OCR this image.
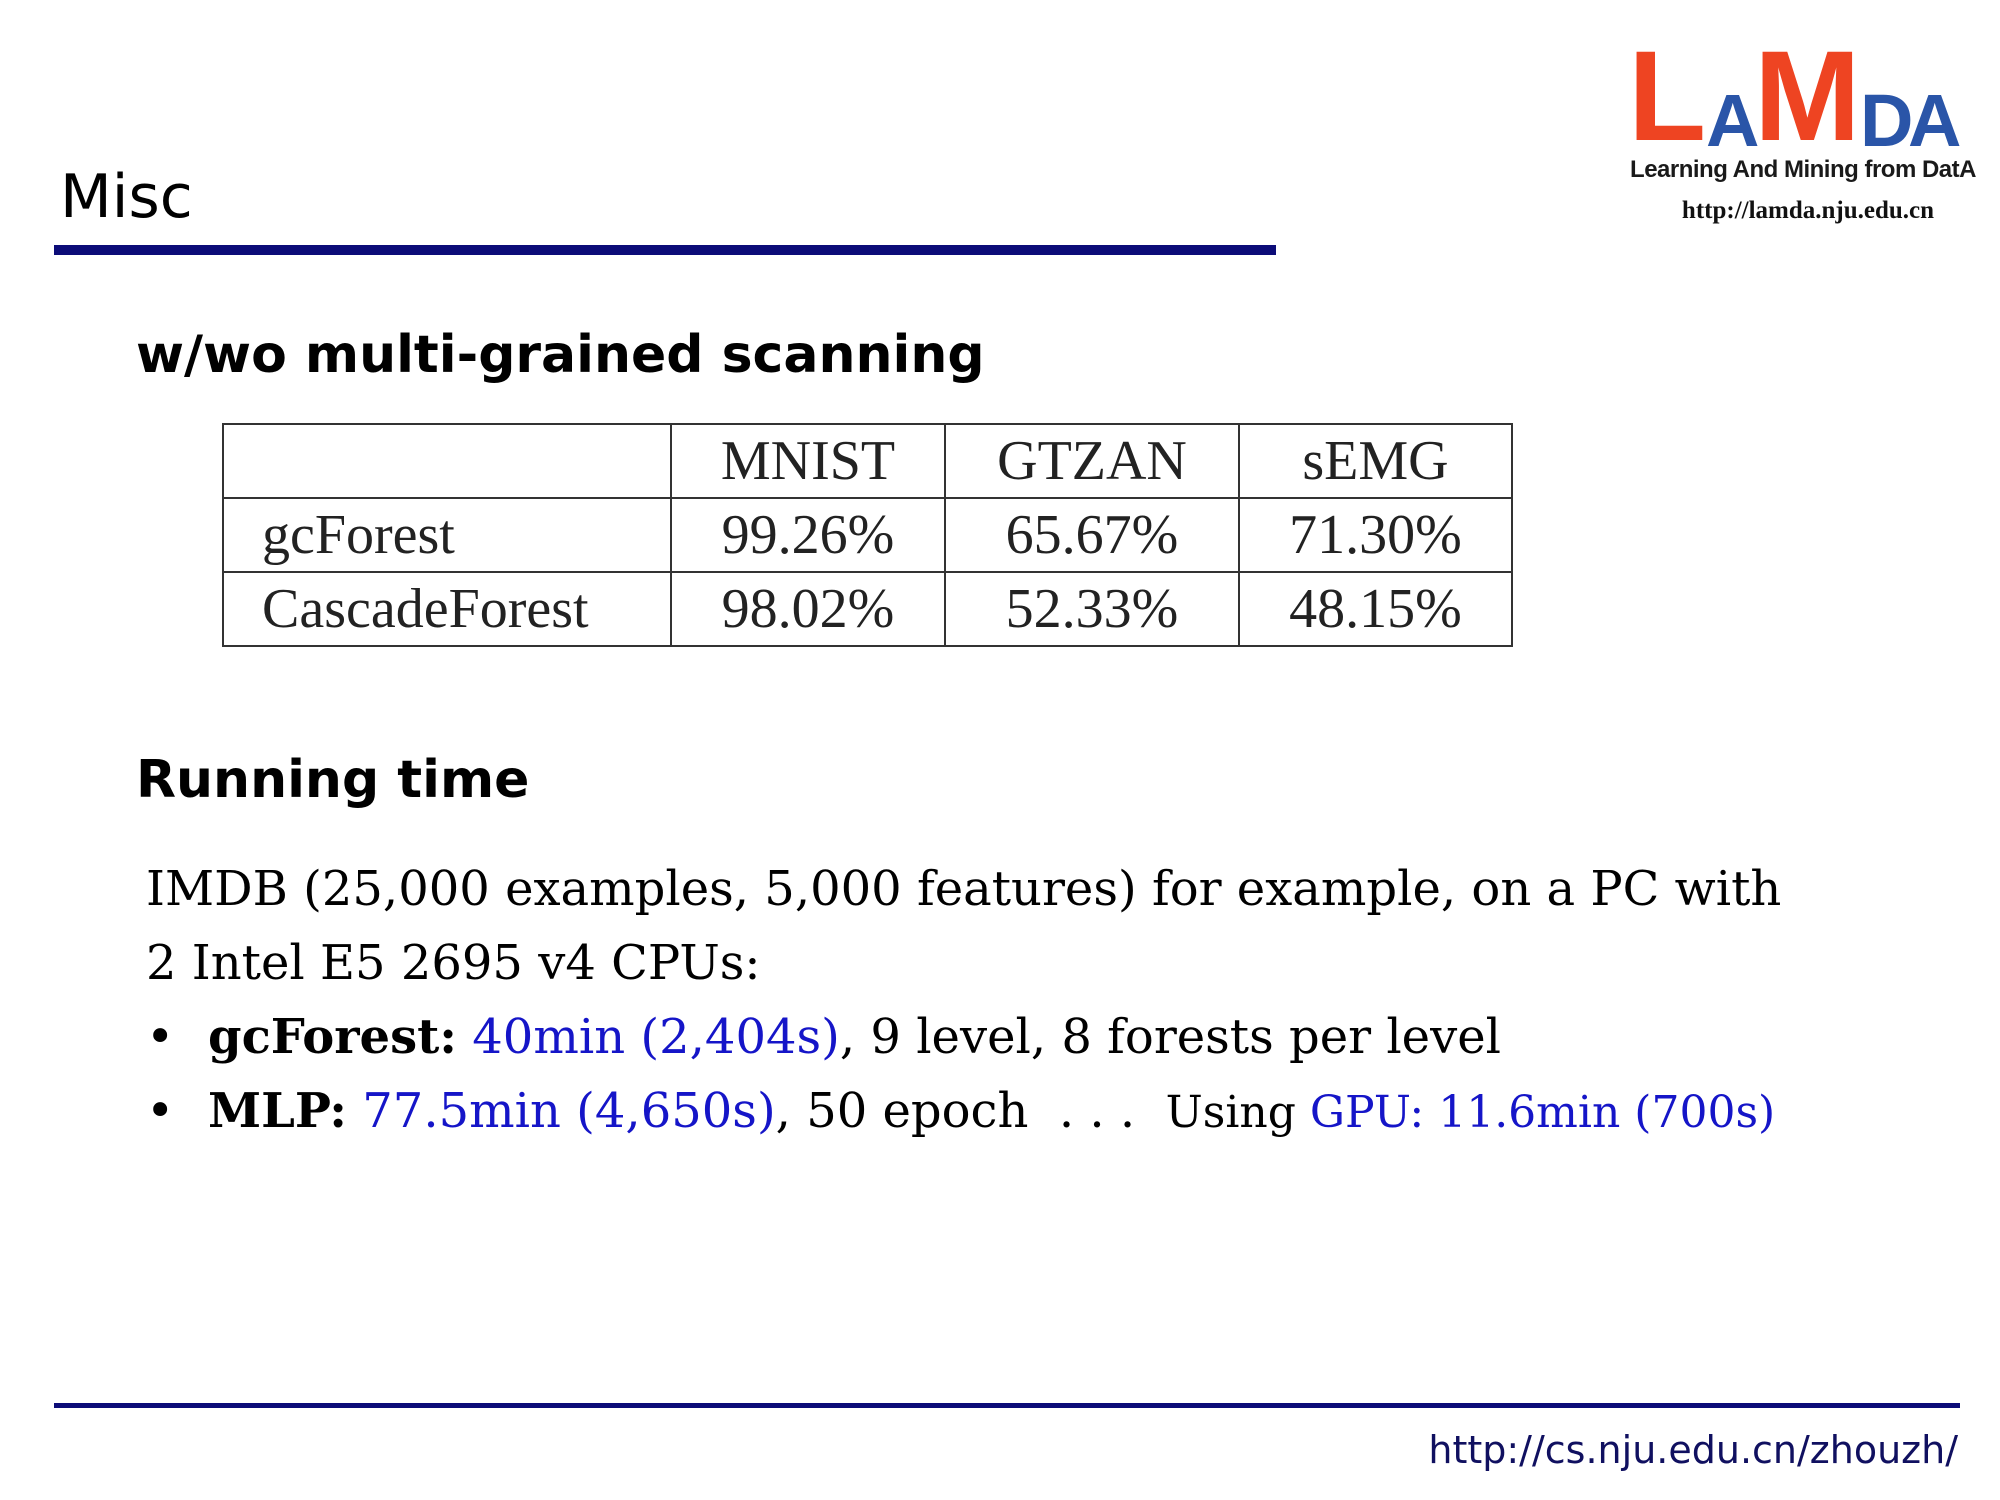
Misc
L A
M D
A
Learning And Mining from DatA
http://lamda.nju.edu.cn
w/wo multi-grained scanning
	MNIST	GTZAN	sEMG
gcForest	99.26%	65.67%	71.30%
CascadeForest	98.02%	52.33%	48.15%
Running time
IMDB (25,000 examples, 5,000 features) for example, on a PC with
2 Intel E5 2695 v4 CPUs:
• gcForest: 40min (2,404s), 9 level, 8 forests per level
• MLP: 77.5min (4,650s), 50 epoch  . . .  Using GPU: 11.6min (700s)
http://cs.nju.edu.cn/zhouzh/
